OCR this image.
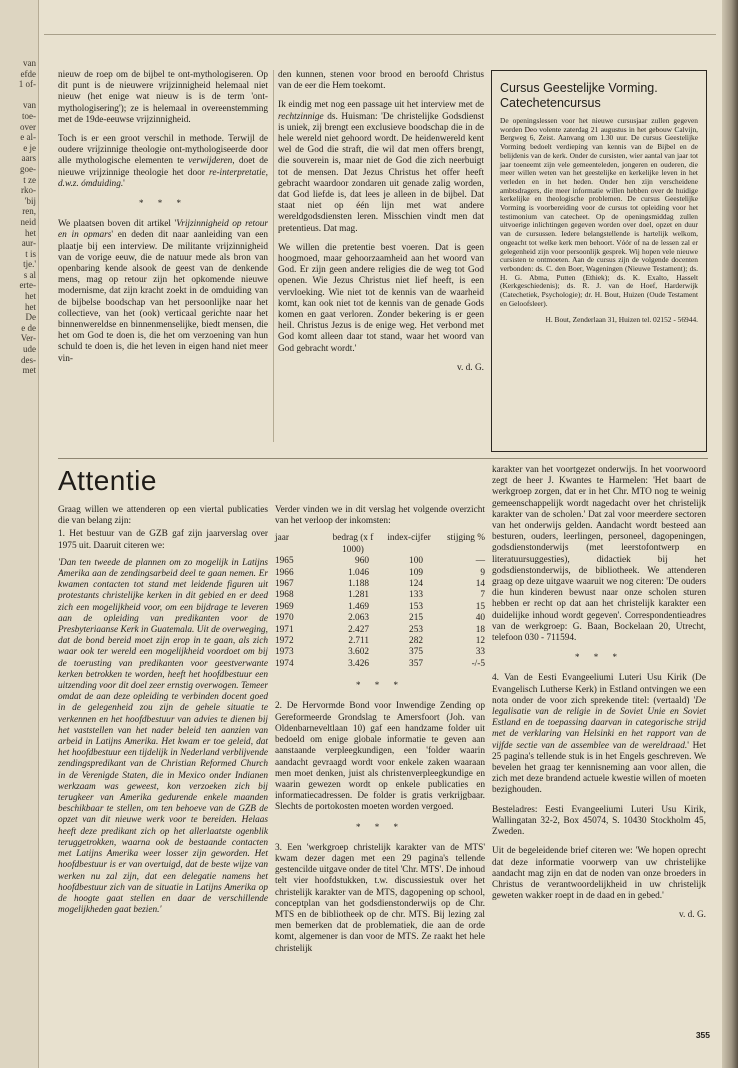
van
efde
1 of-

van
toe-
over
e al-
e je
aars
goe-
t ze
rko-
'bij
ren,
neid
het
aur-
t is
tje.'
s al
erte-
het
het
De
e de
Ver-
ude
des-
met

nieuw de roep om de bijbel te ont-mythologiseren. Op dit punt is de nieuwere vrijzinnigheid helemaal niet nieuw (het enige wat nieuw is is de term 'ont-mythologisering'); ze is helemaal in overeenstemming met de 19de-eeuwse vrijzinnigheid.

Toch is er een groot verschil in methode. Terwijl de oudere vrijzinnige theologie ont-mythologiseerde door alle mythologische elementen te verwijderen, doet de nieuwe vrijzinnige theologie het door re-interpretatie, d.w.z. ómduiding.'

* * *

We plaatsen boven dit artikel 'Vrijzinnigheid op retour en in opmars' en deden dit naar aanleiding van een plaatje bij een interview. De militante vrijzinnigheid van de vorige eeuw, die de natuur mede als bron van openbaring kende alsook de geest van de denkende mens, mag op retour zijn het opkomende nieuwe modernisme, dat zijn kracht zoekt in de omduiding van de bijbelse boodschap van het persoonlijke naar het collectieve, van het (ook) verticaal gerichte naar het binnenwereldse en binnenmenselijke, biedt mensen, die het om God te doen is, die het om verzoening van hun schuld te doen is, die het leven in eigen hand niet meer vin-

den kunnen, stenen voor brood en beroofd Christus van de eer die Hem toekomt.

Ik eindig met nog een passage uit het interview met de rechtzinnige ds. Huisman: 'De christelijke Godsdienst is uniek, zij brengt een exclusieve boodschap die in de hele wereld niet gehoord wordt. De heidenwereld kent wel de God die straft, die wil dat men offers brengt, die souverein is, maar niet de God die zich neerbuigt tot de mensen. Dat Jezus Christus het offer heeft gebracht waardoor zondaren uit genade zalig worden, dat God liefde is, dat lees je alleen in de bijbel. Dat staat niet op één lijn met wat andere wereldgodsdiensten leren. Misschien vindt men dat pretentieus. Dat mag.

We willen die pretentie best voeren. Dat is geen hoogmoed, maar gehoorzaamheid aan het woord van God. Er zijn geen andere religies die de weg tot God openen. Wie Jezus Christus niet lief heeft, is een vervloeking. Wie niet tot de kennis van de waarheid komt, kan ook niet tot de kennis van de genade Gods komen en gaat verloren. Zonder bekering is er geen heil. Christus Jezus is de enige weg. Het verbond met God komt alleen daar tot stand, waar het woord van God gebracht wordt.'

v. d. G.
Cursus Geestelijke Vorming. Catechetencursus
De openingslessen voor het nieuwe cursusjaar zullen gegeven worden Deo volente zaterdag 21 augustus in het gebouw Calvijn, Bergweg 6, Zeist. Aanvang om 1.30 uur. De cursus Geestelijke Vorming bedoelt verdieping van kennis van de Bijbel en de belijdenis van de kerk. Onder de cursisten, wier aantal van jaar tot jaar toeneemt zijn vele gemeenteleden, jongeren en ouderen, die meer willen weten van het geestelijke en kerkelijke leven in het verleden en in het heden. Onder hen zijn verscheidene ambtsdragers, die meer informatie willen hebben over de huidige kerkelijke en theologische problemen. De cursus Geestelijke Vorming is voorbereiding voor de cursus tot opleiding voor het testimonium van catecheet. Op de openingsmiddag zullen uitvoerige inlichtingen gegeven worden over doel, opzet en duur van de cursussen. Iedere belangstellende is hartelijk welkom, ongeacht tot welke kerk men behoort. Vóór of na de lessen zal er gelegenheid zijn voor persoonlijk gesprek. Wij hopen vele nieuwe cursisten te ontmoeten. Aan de cursus zijn de volgende docenten verbonden: ds. C. den Boer, Wageningen (Nieuwe Testament); ds. H. G. Abma, Putten (Ethiek); ds. K. Exalto, Hasselt (Kerkgeschiedenis); ds. R. J. van de Hoef, Harderwijk (Catechetiek, Psychologie); dr. H. Bout, Huizen (Oude Testament en Geloofsleer).
H. Bout, Zenderlaan 31, Huizen tel. 02152 - 56944.
Attentie

Graag willen we attenderen op een viertal publicaties die van belang zijn:

1. Het bestuur van de GZB gaf zijn jaarverslag over 1975 uit. Daaruit citeren we:

'Dan ten tweede de plannen om zo mogelijk in Latijns Amerika aan de zendingsarbeid deel te gaan nemen. Er kwamen contacten tot stand met leidende figuren uit protestants christelijke kerken in dit gebied en er deed zich een mogelijkheid voor, om een bijdrage te leveren aan de opleiding van predikanten voor de Presbyteriaanse Kerk in Guatemala. Uit de overweging, dat de bond bereid moet zijn erop in te gaan, als zich waar ook ter wereld een mogelijkheid voordoet om bij de toerusting van predikanten voor geestverwante kerken betrokken te worden, heeft het hoofdbestuur een uitzending voor dit doel zeer ernstig overwogen. Temeer omdat de aan deze opleiding te verbinden docent goed in de gelegenheid zou zijn de gehele situatie te verkennen en het hoofdbestuur van advies te dienen bij het vaststellen van het nader beleid ten aanzien van arbeid in Latijns Amerika. Het kwam er toe geleid, dat het hoofdbestuur een tijdelijk in Nederland verblijvende zendingspredikant van de Christian Reformed Church in de Verenigde Staten, die in Mexico onder Indianen werkzaam was geweest, kon verzoeken zich bij terugkeer van Amerika gedurende enkele maanden beschikbaar te stellen, om ten behoeve van de GZB de opzet van dit nieuwe werk voor te bereiden. Helaas heeft deze predikant zich op het allerlaatste ogenblik teruggetrokken, waarna ook de bestaande contacten met Latijns Amerika weer losser zijn geworden. Het hoofdbestuur is er van overtuigd, dat de beste wijze van werken nu zal zijn, dat een delegatie namens het hoofdbestuur zich van de situatie in Latijns Amerika op de hoogte gaat stellen en daar de verschillende mogelijkheden gaat bezien.'

Verder vinden we in dit verslag het volgende overzicht van het verloop der inkomsten:

jaar	bedrag (x f 1000)	index-cijfer	stijging %
1965	960	100	—
1966	1.046	109	9
1967	1.188	124	14
1968	1.281	133	7
1969	1.469	153	15
1970	2.063	215	40
1971	2.427	253	18
1972	2.711	282	12
1973	3.602	375	33
1974	3.426	357	-/-5
* * *

2. De Hervormde Bond voor Inwendige Zending op Gereformeerde Grondslag te Amersfoort (Joh. van Oldenbarneveltlaan 10) gaf een handzame folder uit bedoeld om enige globale informatie te geven aan aanstaande verpleegkundigen, een 'folder waarin aandacht gevraagd wordt voor enkele zaken waaraan men moet denken, juist als christenverpleegkundige en waarin gewezen wordt op enkele publicaties en informatiecadressen. De folder is gratis verkrijgbaar. Slechts de portokosten moeten worden vergoed.

* * *

3. Een 'werkgroep christelijk karakter van de MTS' kwam dezer dagen met een 29 pagina's tellende gestencilde uitgave onder de titel 'Chr. MTS'. De inhoud telt vier hoofdstukken, t.w. discussiestuk over het christelijk karakter van de MTS, dagopening op school, conceptplan van het godsdienstonderwijs op de Chr. MTS en de bibliotheek op de chr. MTS. Bij lezing zal men bemerken dat de problematiek, die aan de orde komt, algemener is dan voor de MTS. Ze raakt het hele christelijk

karakter van het voortgezet onderwijs. In het voorwoord zegt de heer J. Kwantes te Harmelen: 'Het baart de werkgroep zorgen, dat er in het Chr. MTO nog te weinig gemeenschappelijk wordt nagedacht over het christelijk karakter van de scholen.' Dat zal voor meerdere sectoren van het onderwijs gelden. Aandacht wordt besteed aan besturen, ouders, leerlingen, personeel, dagopeningen, godsdienstonderwijs (met leerstofontwerp en literatuursuggesties), didactiek bij het godsdienstonderwijs, de bibliotheek. We attenderen graag op deze uitgave waaruit we nog citeren: 'De ouders die hun kinderen bewust naar onze scholen sturen hebben er recht op dat aan het christelijk karakter een duidelijke inhoud wordt gegeven'. Correspondentieadres van de werkgroep: G. Baan, Bockelaan 20, Utrecht, telefoon 030 - 711594.

* * *

4. Van de Eesti Evangeeliumi Luteri Usu Kirik (De Evangelisch Lutherse Kerk) in Estland ontvingen we een nota onder de voor zich sprekende titel: (vertaald) 'De legalisatie van de religie in de Soviet Unie en Soviet Estland en de toepassing daarvan in categorische strijd met de verklaring van Helsinki en het rapport van de vijfde sectie van de assemblee van de wereldraad.' Het 25 pagina's tellende stuk is in het Engels geschreven. We bevelen het graag ter kennisneming aan voor allen, die zich met deze brandend actuele kwestie willen of moeten bezighouden.

Besteladres: Eesti Evangeeliumi Luteri Usu Kirik, Wallingatan 32-2, Box 45074, S. 10430 Stockholm 45, Zweden.

Uit de begeleidende brief citeren we: 'We hopen oprecht dat deze informatie voorwerp van uw christelijke aandacht mag zijn en dat de noden van onze broeders in Christus de verantwoordelijkheid in uw christelijk geweten wakker roept in de daad en in gebed.'

v. d. G.
355
